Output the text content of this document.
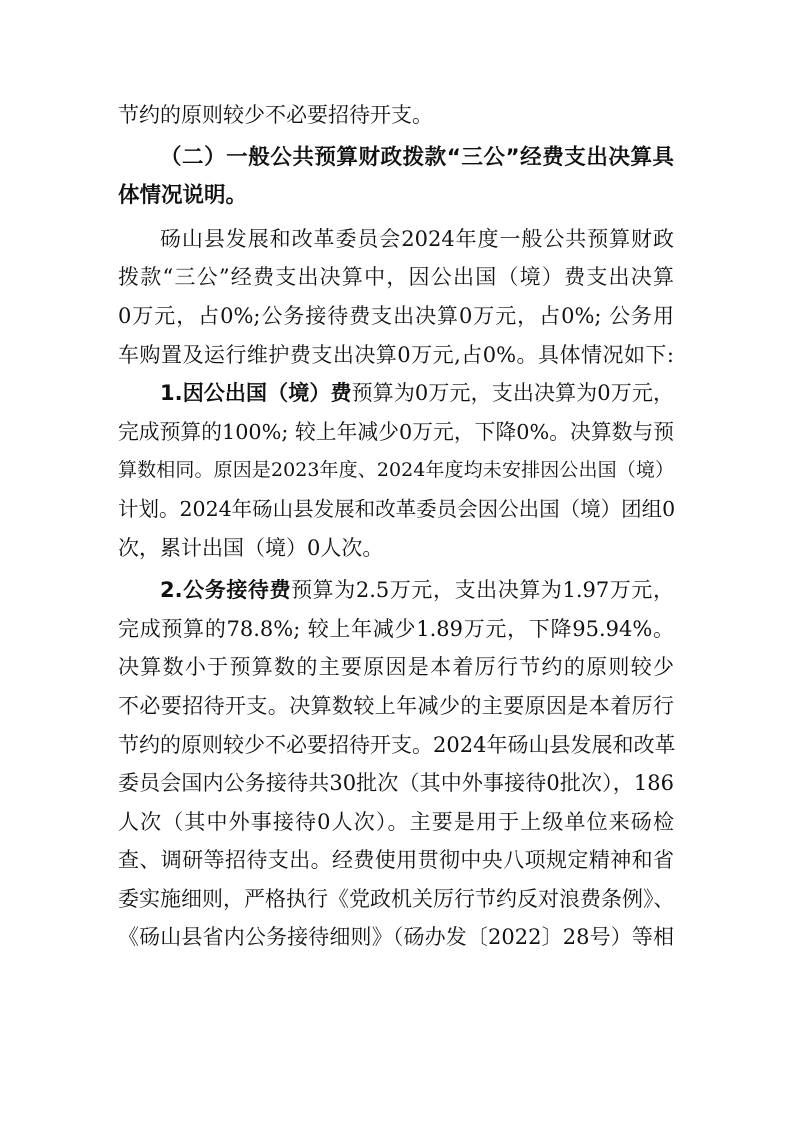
节约的原则较少不必要招待开支。
（二）一般公共预算财政拨款“三公”经费支出决算具
体情况说明。
砀山县发展和改革委员会2024年度一般公共预算财政
拨款“三公”经费支出决算中，因公出国（境）费支出决算
0万元，占0%;公务接待费支出决算0万元，占0%; 公务用
车购置及运行维护费支出决算0万元,占0%。具体情况如下:
1.因公出国（境）费预算为0万元，支出决算为0万元，
完成预算的100%; 较上年减少0万元，下降0%。决算数与预
算数相同。原因是2023年度、2024年度均未安排因公出国（境）
计划。2024年砀山县发展和改革委员会因公出国（境）团组0
次，累计出国（境）0人次。
2.公务接待费预算为2.5万元，支出决算为1.97万元，
完成预算的78.8%; 较上年减少1.89万元，下降95.94%。
决算数小于预算数的主要原因是本着厉行节约的原则较少
不必要招待开支。决算数较上年减少的主要原因是本着厉行
节约的原则较少不必要招待开支。2024年砀山县发展和改革
委员会国内公务接待共30批次（其中外事接待0批次），186
人次（其中外事接待0人次）。主要是用于上级单位来砀检
查、调研等招待支出。经费使用贯彻中央八项规定精神和省
委实施细则，严格执行《党政机关厉行节约反对浪费条例》、
《砀山县省内公务接待细则》（砀办发〔2022〕28号）等相
